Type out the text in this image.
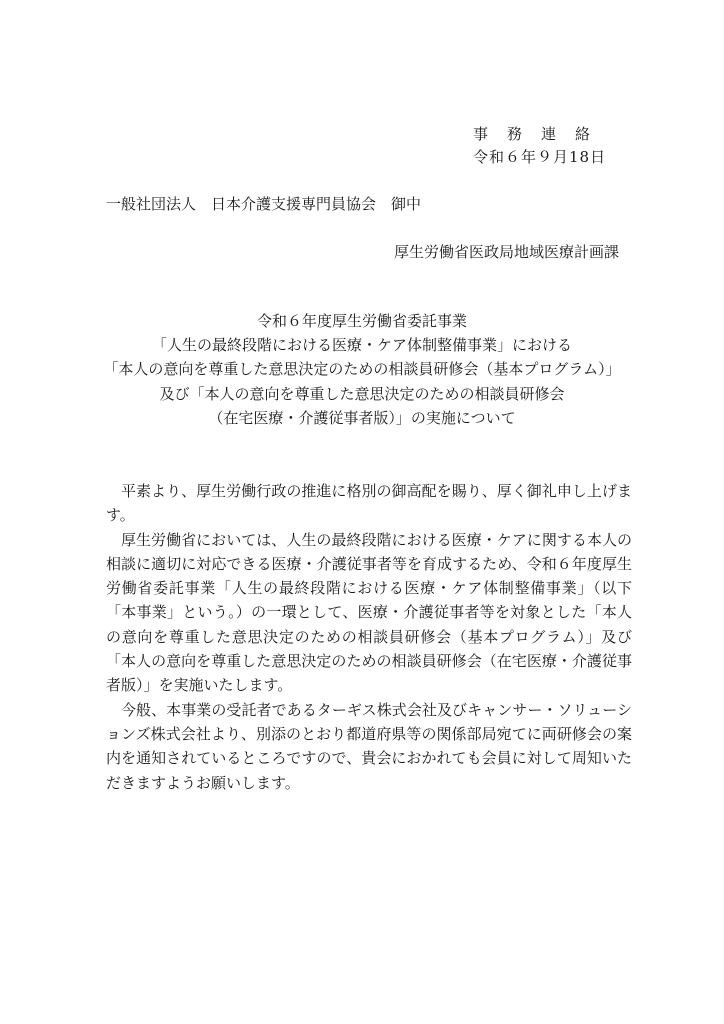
事務連絡
令和６年９月18日
一般社団法人　日本介護支援専門員協会　御中
厚生労働省医政局地域医療計画課
令和６年度厚生労働省委託事業
「人生の最終段階における医療・ケア体制整備事業」における
「本人の意向を尊重した意思決定のための相談員研修会（基本プログラム）」
及び「本人の意向を尊重した意思決定のための相談員研修会
（在宅医療・介護従事者版）」の実施について

平素より、厚生労働行政の推進に格別の御高配を賜り、厚く御礼申し上げます。

厚生労働省においては、人生の最終段階における医療・ケアに関する本人の相談に適切に対応できる医療・介護従事者等を育成するため、令和６年度厚生労働省委託事業「人生の最終段階における医療・ケア体制整備事業」（以下「本事業」という。）の一環として、医療・介護従事者等を対象とした「本人の意向を尊重した意思決定のための相談員研修会（基本プログラム）」及び「本人の意向を尊重した意思決定のための相談員研修会（在宅医療・介護従事者版）」を実施いたします。

今般、本事業の受託者であるターギス株式会社及びキャンサー・ソリューションズ株式会社より、別添のとおり都道府県等の関係部局宛てに両研修会の案内を通知されているところですので、貴会におかれても会員に対して周知いただきますようお願いします。
